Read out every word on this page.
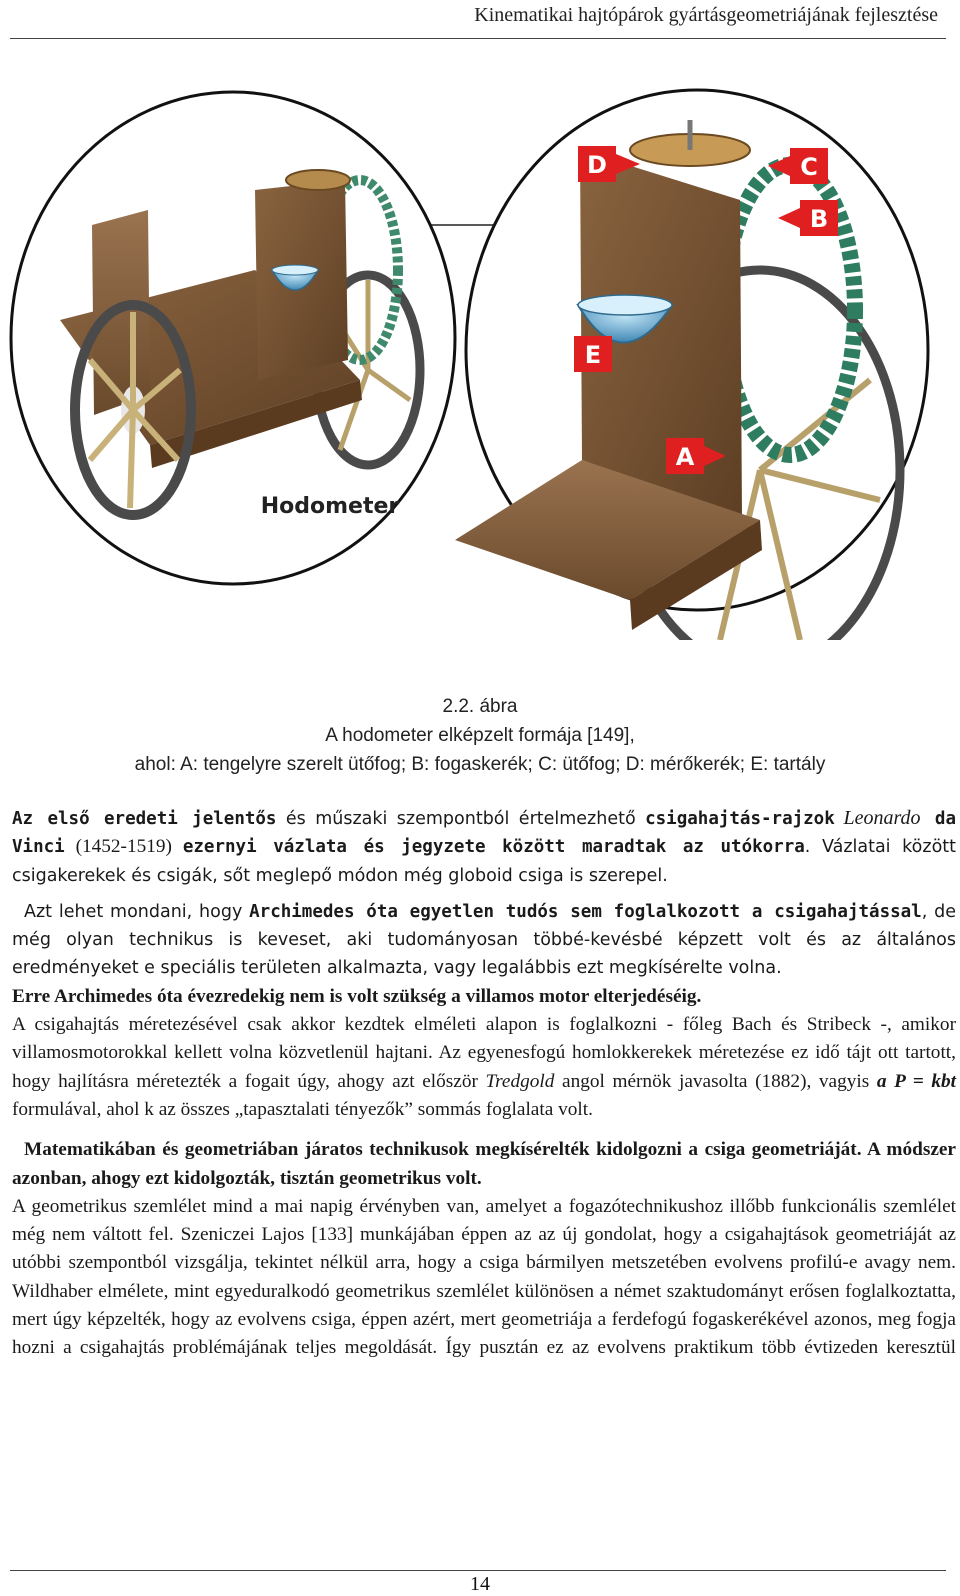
Kinematikai hajtópárok gyártásgeometriájának fejlesztése
Hodometer
D	C
B
E
A
2.2. ábra
A hodometer elképzelt formája [149],
ahol: A: tengelyre szerelt ütőfog; B: fogaskerék; C: ütőfog; D: mérőkerék; E: tartály

Az első eredeti jelentős és műszaki szempontból értelmezhető csigahajtás-rajzok Leonardo da Vinci (1452-1519) ezernyi vázlata és jegyzete között maradtak az utókorra. Vázlatai között csigakerekek és csigák, sőt meglepő módon még globoid csiga is szerepel.

Azt lehet mondani, hogy Archimedes óta egyetlen tudós sem foglalkozott a csigahajtással, de még olyan technikus is keveset, aki tudományosan többé-kevésbé képzett volt és az általános eredményeket e speciális területen alkalmazta, vagy legalábbis ezt megkísérelte volna.

Erre Archimedes óta évezredekig nem is volt szükség a villamos motor elterjedéséig.

A csigahajtás méretezésével csak akkor kezdtek elméleti alapon is foglalkozni - főleg Bach és Stribeck -, amikor villamosmotorokkal kellett volna közvetlenül hajtani. Az egyenesfogú homlokkerekek méretezése ez idő tájt ott tartott, hogy hajlításra méretezték a fogait úgy, ahogy azt először Tredgold angol mérnök javasolta (1882), vagyis a P = kbt formulával, ahol k az összes „tapasztalati tényezők” sommás foglalata volt.

Matematikában és geometriában járatos technikusok megkísérelték kidolgozni a csiga geometriáját. A módszer azonban, ahogy ezt kidolgozták, tisztán geometrikus volt.

A geometrikus szemlélet mind a mai napig érvényben van, amelyet a fogazótechnikushoz illőbb funkcionális szemlélet még nem váltott fel. Szeniczei Lajos [133] munkájában éppen az az új gondolat, hogy a csigahajtások geometriáját az utóbbi szempontból vizsgálja, tekintet nélkül arra, hogy a csiga bármilyen metszetében evolvens profilú-e avagy nem. Wildhaber elmélete, mint egyeduralkodó geometrikus szemlélet különösen a német szaktudományt erősen foglalkoztatta, mert úgy képzelték, hogy az evolvens csiga, éppen azért, mert geometriája a ferdefogú fogaskerékével azonos, meg fogja hozni a csigahajtás problémájának teljes megoldását. Így pusztán ez az evolvens praktikum több évtizeden keresztül

14
